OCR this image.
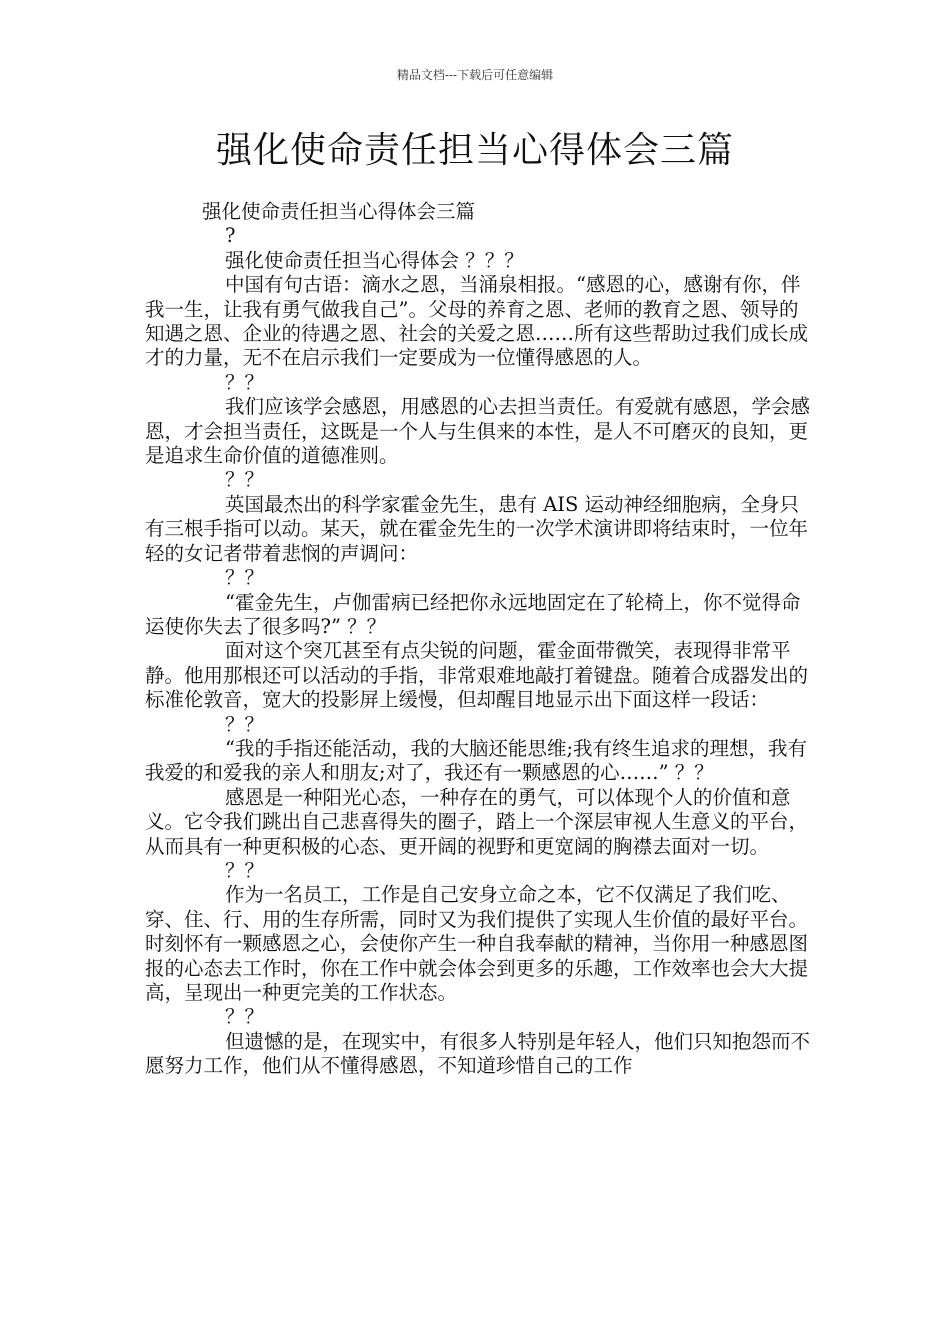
精品文档---下载后可任意编辑
强化使命责任担当心得体会三篇

强化使命责任担当心得体会三篇

?

强化使命责任担当心得体会 ？？？

中国有句古语：滴水之恩，当涌泉相报。“感恩的心，感谢有你，伴我一生，让我有勇气做我自己”。父母的养育之恩、老师的教育之恩、领导的知遇之恩、企业的待遇之恩、社会的关爱之恩……所有这些帮助过我们成长成才的力量，无不在启示我们一定要成为一位懂得感恩的人。

？？

我们应该学会感恩，用感恩的心去担当责任。有爱就有感恩，学会感恩，才会担当责任，这既是一个人与生俱来的本性，是人不可磨灭的良知，更是追求生命价值的道德准则。

？？

英国最杰出的科学家霍金先生，患有 AIS 运动神经细胞病，全身只有三根手指可以动。某天，就在霍金先生的一次学术演讲即将结束时，一位年轻的女记者带着悲悯的声调问：

？？

“霍金先生，卢伽雷病已经把你永远地固定在了轮椅上，你不觉得命运使你失去了很多吗?” ？？

面对这个突兀甚至有点尖锐的问题，霍金面带微笑，表现得非常平静。他用那根还可以活动的手指，非常艰难地敲打着键盘。随着合成器发出的标准伦敦音，宽大的投影屏上缓慢，但却醒目地显示出下面这样一段话：

？？

“我的手指还能活动，我的大脑还能思维;我有终生追求的理想，我有我爱的和爱我的亲人和朋友;对了，我还有一颗感恩的心……” ？？

感恩是一种阳光心态，一种存在的勇气，可以体现个人的价值和意义。它令我们跳出自己悲喜得失的圈子，踏上一个深层审视人生意义的平台，从而具有一种更积极的心态、更开阔的视野和更宽阔的胸襟去面对一切。

？？

作为一名员工，工作是自己安身立命之本，它不仅满足了我们吃、穿、住、行、用的生存所需，同时又为我们提供了实现人生价值的最好平台。时刻怀有一颗感恩之心，会使你产生一种自我奉献的精神，当你用一种感恩图报的心态去工作时，你在工作中就会体会到更多的乐趣，工作效率也会大大提高，呈现出一种更完美的工作状态。

？？

但遗憾的是，在现实中，有很多人特别是年轻人，他们只知抱怨而不愿努力工作，他们从不懂得感恩，不知道珍惜自己的工作
